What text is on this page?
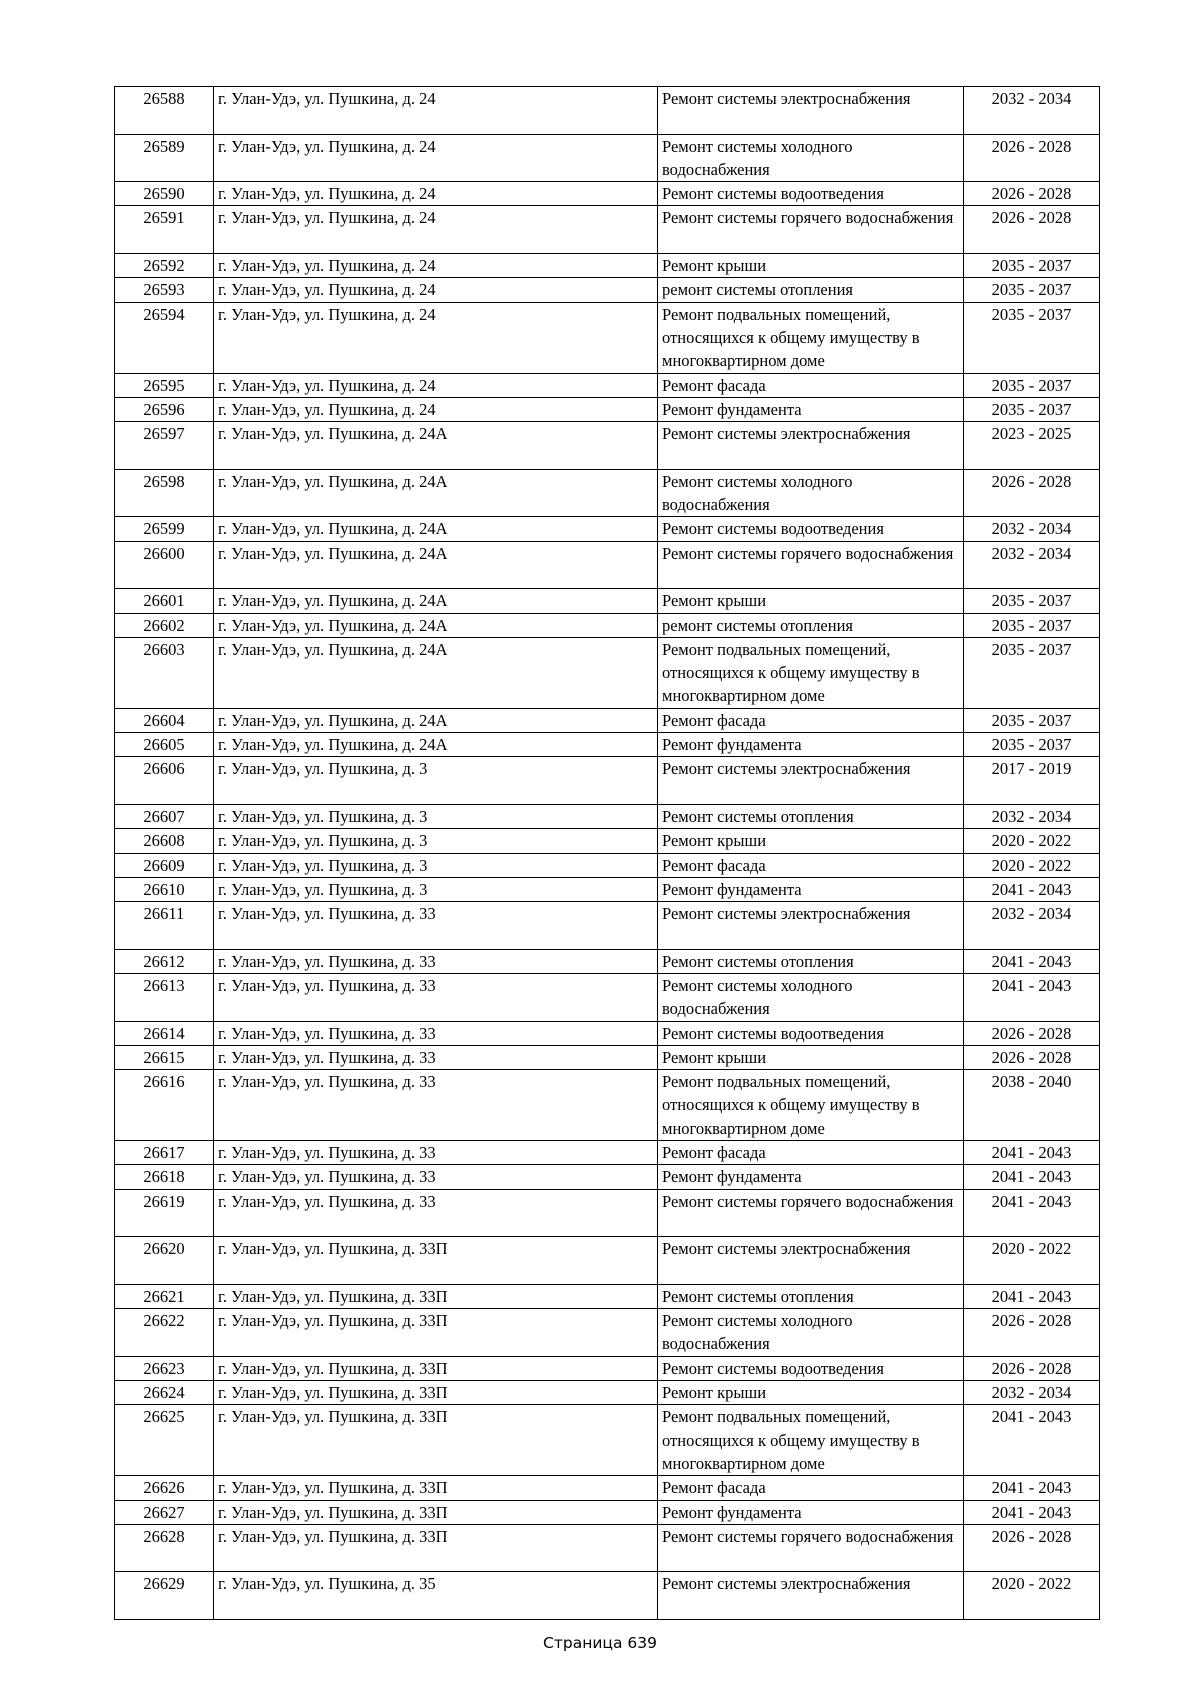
26588	г. Улан-Удэ, ул. Пушкина, д. 24	Ремонт системы электроснабжения	2032 - 2034
26589	г. Улан-Удэ, ул. Пушкина, д. 24	Ремонт системы холодного водоснабжения	2026 - 2028
26590	г. Улан-Удэ, ул. Пушкина, д. 24	Ремонт системы водоотведения	2026 - 2028
26591	г. Улан-Удэ, ул. Пушкина, д. 24	Ремонт системы горячего водоснабжения	2026 - 2028
26592	г. Улан-Удэ, ул. Пушкина, д. 24	Ремонт крыши	2035 - 2037
26593	г. Улан-Удэ, ул. Пушкина, д. 24	ремонт системы отопления	2035 - 2037
26594	г. Улан-Удэ, ул. Пушкина, д. 24	Ремонт подвальных помещений, относящихся к общему имуществу в многоквартирном доме	2035 - 2037
26595	г. Улан-Удэ, ул. Пушкина, д. 24	Ремонт фасада	2035 - 2037
26596	г. Улан-Удэ, ул. Пушкина, д. 24	Ремонт фундамента	2035 - 2037
26597	г. Улан-Удэ, ул. Пушкина, д. 24А	Ремонт системы электроснабжения	2023 - 2025
26598	г. Улан-Удэ, ул. Пушкина, д. 24А	Ремонт системы холодного водоснабжения	2026 - 2028
26599	г. Улан-Удэ, ул. Пушкина, д. 24А	Ремонт системы водоотведения	2032 - 2034
26600	г. Улан-Удэ, ул. Пушкина, д. 24А	Ремонт системы горячего водоснабжения	2032 - 2034
26601	г. Улан-Удэ, ул. Пушкина, д. 24А	Ремонт крыши	2035 - 2037
26602	г. Улан-Удэ, ул. Пушкина, д. 24А	ремонт системы отопления	2035 - 2037
26603	г. Улан-Удэ, ул. Пушкина, д. 24А	Ремонт подвальных помещений, относящихся к общему имуществу в многоквартирном доме	2035 - 2037
26604	г. Улан-Удэ, ул. Пушкина, д. 24А	Ремонт фасада	2035 - 2037
26605	г. Улан-Удэ, ул. Пушкина, д. 24А	Ремонт фундамента	2035 - 2037
26606	г. Улан-Удэ, ул. Пушкина, д. 3	Ремонт системы электроснабжения	2017 - 2019
26607	г. Улан-Удэ, ул. Пушкина, д. 3	Ремонт системы отопления	2032 - 2034
26608	г. Улан-Удэ, ул. Пушкина, д. 3	Ремонт крыши	2020 - 2022
26609	г. Улан-Удэ, ул. Пушкина, д. 3	Ремонт фасада	2020 - 2022
26610	г. Улан-Удэ, ул. Пушкина, д. 3	Ремонт фундамента	2041 - 2043
26611	г. Улан-Удэ, ул. Пушкина, д. 33	Ремонт системы электроснабжения	2032 - 2034
26612	г. Улан-Удэ, ул. Пушкина, д. 33	Ремонт системы отопления	2041 - 2043
26613	г. Улан-Удэ, ул. Пушкина, д. 33	Ремонт системы холодного водоснабжения	2041 - 2043
26614	г. Улан-Удэ, ул. Пушкина, д. 33	Ремонт системы водоотведения	2026 - 2028
26615	г. Улан-Удэ, ул. Пушкина, д. 33	Ремонт крыши	2026 - 2028
26616	г. Улан-Удэ, ул. Пушкина, д. 33	Ремонт подвальных помещений, относящихся к общему имуществу в многоквартирном доме	2038 - 2040
26617	г. Улан-Удэ, ул. Пушкина, д. 33	Ремонт фасада	2041 - 2043
26618	г. Улан-Удэ, ул. Пушкина, д. 33	Ремонт фундамента	2041 - 2043
26619	г. Улан-Удэ, ул. Пушкина, д. 33	Ремонт системы горячего водоснабжения	2041 - 2043
26620	г. Улан-Удэ, ул. Пушкина, д. 33П	Ремонт системы электроснабжения	2020 - 2022
26621	г. Улан-Удэ, ул. Пушкина, д. 33П	Ремонт системы отопления	2041 - 2043
26622	г. Улан-Удэ, ул. Пушкина, д. 33П	Ремонт системы холодного водоснабжения	2026 - 2028
26623	г. Улан-Удэ, ул. Пушкина, д. 33П	Ремонт системы водоотведения	2026 - 2028
26624	г. Улан-Удэ, ул. Пушкина, д. 33П	Ремонт крыши	2032 - 2034
26625	г. Улан-Удэ, ул. Пушкина, д. 33П	Ремонт подвальных помещений, относящихся к общему имуществу в многоквартирном доме	2041 - 2043
26626	г. Улан-Удэ, ул. Пушкина, д. 33П	Ремонт фасада	2041 - 2043
26627	г. Улан-Удэ, ул. Пушкина, д. 33П	Ремонт фундамента	2041 - 2043
26628	г. Улан-Удэ, ул. Пушкина, д. 33П	Ремонт системы горячего водоснабжения	2026 - 2028
26629	г. Улан-Удэ, ул. Пушкина, д. 35	Ремонт системы электроснабжения	2020 - 2022
Страница 639
